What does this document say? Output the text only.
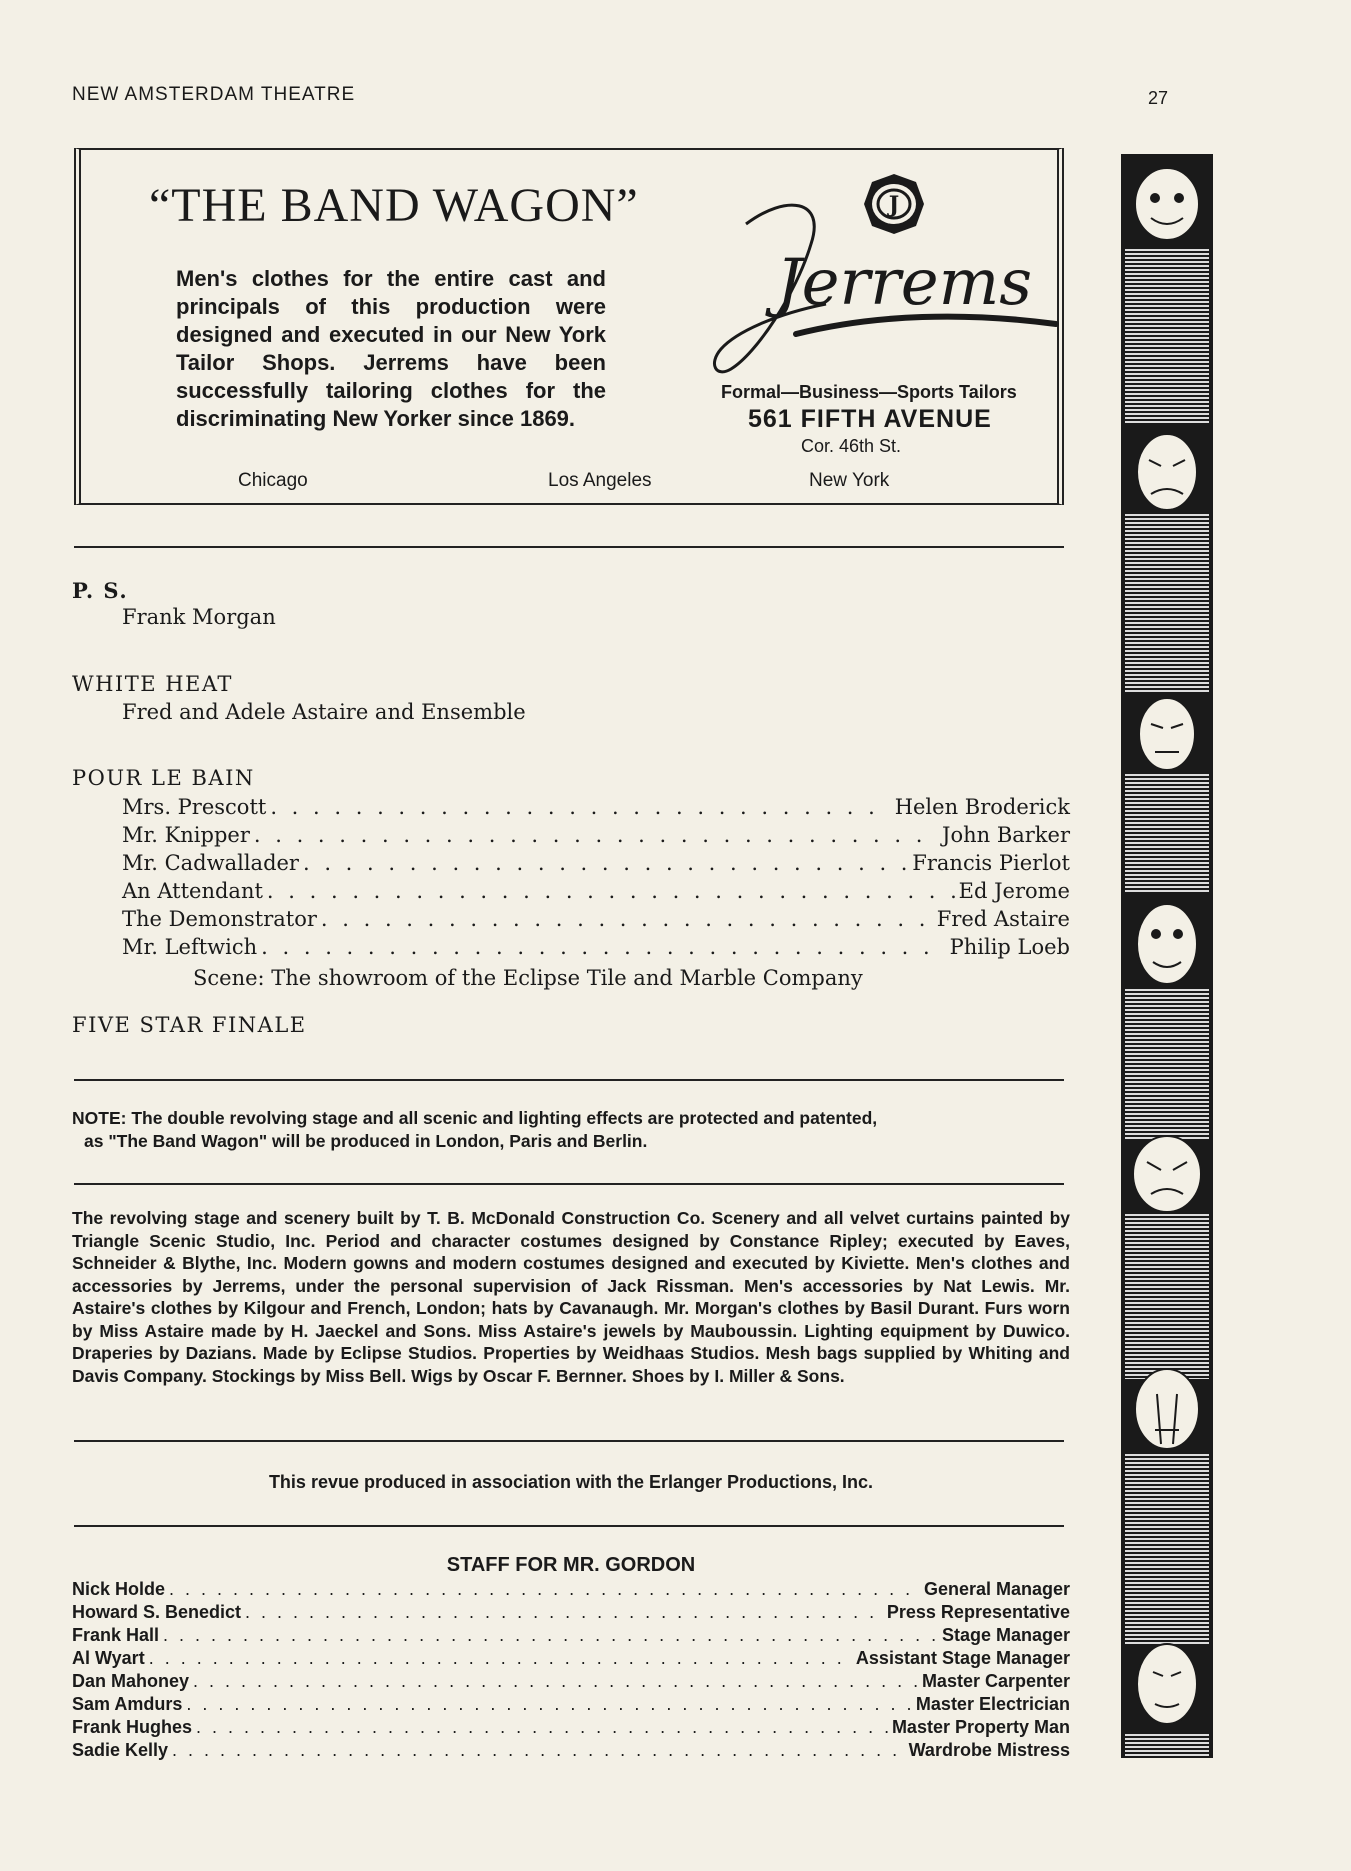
NEW AMSTERDAM THEATRE	27
“THE BAND WAGON”
Men's clothes for the entire cast and principals of this production were designed and executed in our New York Tailor Shops. Jerrems have been successfully tailoring clothes for the discriminating New Yorker since 1869.
J
Jerrems
Formal—Business—Sports Tailors
561 FIFTH AVENUE
Cor. 46th St.
Chicago	Los Angeles	New York
P. S.
Frank Morgan
WHITE HEAT
Fred and Adele Astaire and Ensemble
POUR LE BAIN
Mrs. Prescott . . .	Helen Broderick
Mr. Knipper . . .	John Barker
Mr. Cadwallader . . .	Francis Pierlot
An Attendant . . .	Ed Jerome
The Demonstrator . . .	Fred Astaire
Mr. Leftwich . . .	Philip Loeb
Scene: The showroom of the Eclipse Tile and Marble Company
FIVE STAR FINALE
NOTE: The double revolving stage and all scenic and lighting effects are protected and patented,
as "The Band Wagon" will be produced in London, Paris and Berlin.
The revolving stage and scenery built by T. B. McDonald Construction Co. Scenery and all velvet curtains painted by Triangle Scenic Studio, Inc. Period and character costumes designed by Constance Ripley; executed by Eaves, Schneider & Blythe, Inc. Modern gowns and modern costumes designed and executed by Kiviette. Men's clothes and accessories by Jerrems, under the personal supervision of Jack Rissman. Men's accessories by Nat Lewis. Mr. Astaire's clothes by Kilgour and French, London; hats by Cavanaugh. Mr. Morgan's clothes by Basil Durant. Furs worn by Miss Astaire made by H. Jaeckel and Sons. Miss Astaire's jewels by Mauboussin. Lighting equipment by Duwico. Draperies by Dazians. Made by Eclipse Studios. Properties by Weidhaas Studios. Mesh bags supplied by Whiting and Davis Company. Stockings by Miss Bell. Wigs by Oscar F. Bernner. Shoes by I. Miller & Sons.
This revue produced in association with the Erlanger Productions, Inc.
STAFF FOR MR. GORDON
Nick Holde . . .	General Manager
Howard S. Benedict . . .	Press Representative
Frank Hall . . .	Stage Manager
Al Wyart . . .	Assistant Stage Manager
Dan Mahoney . . .	Master Carpenter
Sam Amdurs . . .	Master Electrician
Frank Hughes . . .	Master Property Man
Sadie Kelly . . .	Wardrobe Mistress
